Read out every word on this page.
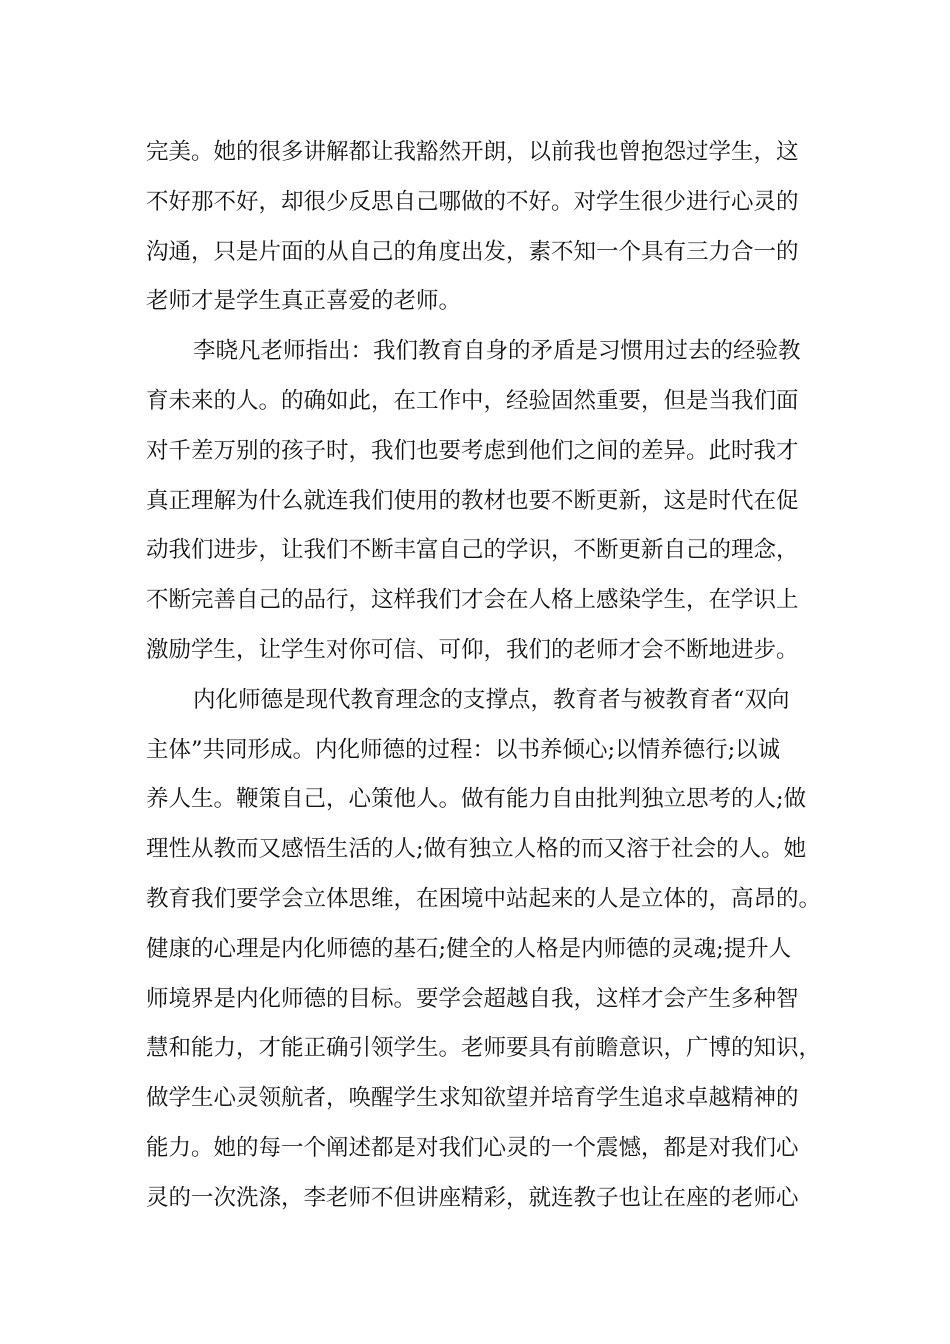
完美。她的很多讲解都让我豁然开朗，以前我也曾抱怨过学生，这
不好那不好，却很少反思自己哪做的不好。对学生很少进行心灵的
沟通，只是片面的从自己的角度出发，素不知一个具有三力合一的
老师才是学生真正喜爱的老师。
李晓凡老师指出：我们教育自身的矛盾是习惯用过去的经验教
育未来的人。的确如此，在工作中，经验固然重要，但是当我们面
对千差万别的孩子时，我们也要考虑到他们之间的差异。此时我才
真正理解为什么就连我们使用的教材也要不断更新，这是时代在促
动我们进步，让我们不断丰富自己的学识，不断更新自己的理念，
不断完善自己的品行，这样我们才会在人格上感染学生，在学识上
激励学生，让学生对你可信、可仰，我们的老师才会不断地进步。
内化师德是现代教育理念的支撑点，教育者与被教育者“双向
主体”共同形成。内化师德的过程：以书养倾心;以情养德行;以诚
养人生。鞭策自己，心策他人。做有能力自由批判独立思考的人;做
理性从教而又感悟生活的人;做有独立人格的而又溶于社会的人。她
教育我们要学会立体思维，在困境中站起来的人是立体的，高昂的。
健康的心理是内化师德的基石;健全的人格是内师德的灵魂;提升人
师境界是内化师德的目标。要学会超越自我，这样才会产生多种智
慧和能力，才能正确引领学生。老师要具有前瞻意识，广博的知识，
做学生心灵领航者，唤醒学生求知欲望并培育学生追求卓越精神的
能力。她的每一个阐述都是对我们心灵的一个震憾，都是对我们心
灵的一次洗涤，李老师不但讲座精彩，就连教子也让在座的老师心
